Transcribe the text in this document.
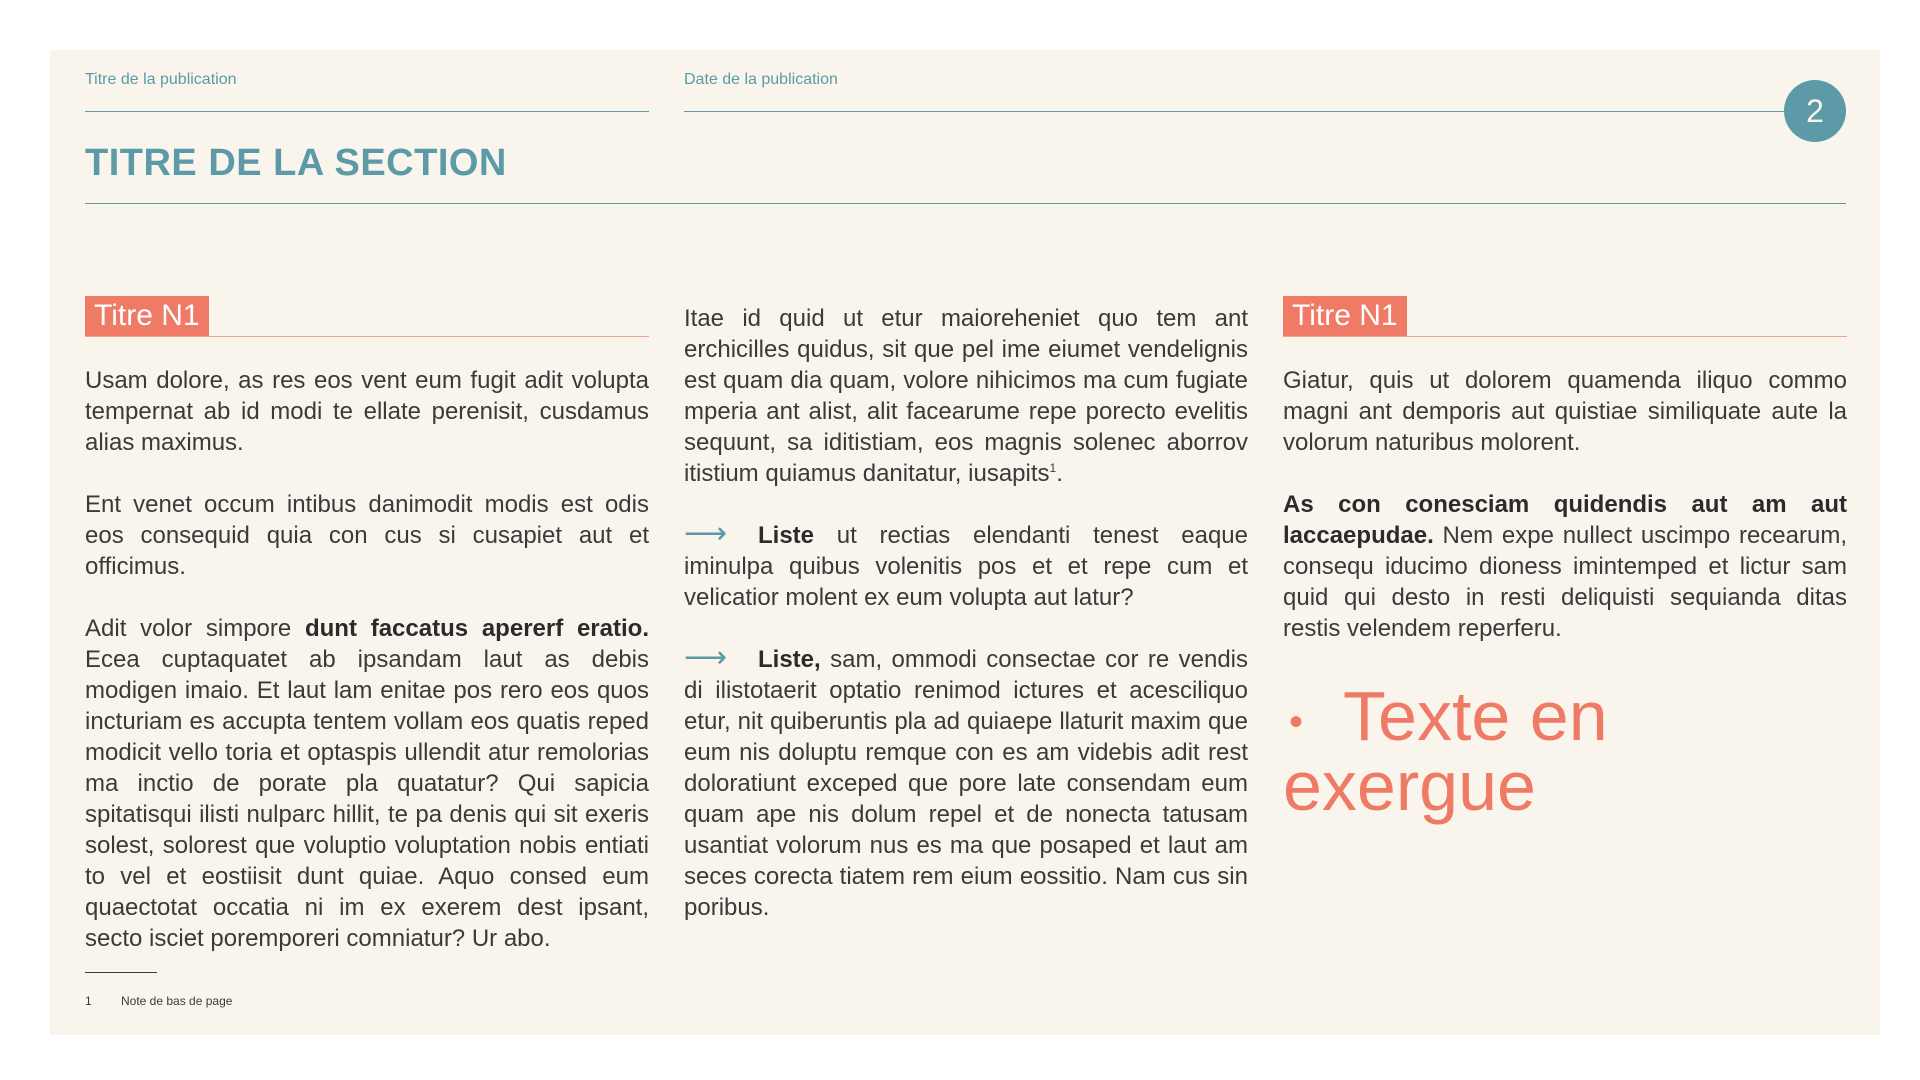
Titre de la publication	Date de la publication
2
TITRE DE LA SECTION
Titre N1

Usam dolore, as res eos vent eum fugit adit volupta tempernat ab id modi te ellate perenisit, cusdamus alias maximus.

Ent venet occum intibus danimodit modis est odis eos consequid quia con cus si cusapiet aut et officimus.

Adit volor simpore dunt faccatus apererf eratio. Ecea cuptaquatet ab ipsandam laut as debis modigen imaio. Et laut lam enitae pos rero eos quos incturiam es accupta tentem vollam eos quatis reped modicit vello toria et optaspis ullendit atur remolorias ma inctio de porate pla quatatur? Qui sapicia spitatisqui ilisti nulparc hillit, te pa denis qui sit exeris solest, solorest que voluptio voluptation nobis entiati to vel et eostiisit dunt quiae. Aquo consed eum quaectotat occatia ni im ex exerem dest ipsant, secto isciet poremporeri comniatur? Ur abo.

Itae id quid ut etur maioreheniet quo tem ant erchicilles quidus, sit que pel ime eiumet vendelignis est quam dia quam, volore nihicimos ma cum fugiate mperia ant alist, alit facearume repe porecto evelitis sequunt, sa iditistiam, eos magnis solenec aborrov itistium quiamus danitatur, iusapits$^1$.

⟶ Liste ut rectias elendanti tenest eaque iminulpa quibus volenitis pos et et repe cum et velicatior molent ex eum volupta aut latur?
⟶ Liste, sam, ommodi consectae cor re vendis di ilistotaerit optatio renimod ictures et acesciliquo etur, nit quiberuntis pla ad quiaepe llaturit maxim que eum nis doluptu remque con es am videbis adit rest doloratiunt exceped que pore late consendam eum quam ape nis dolum repel et de nonecta tatusam usantiat volorum nus es ma que posaped et laut am seces corecta tiatem rem eium eossitio. Nam cus sin poribus.
Titre N1

Giatur, quis ut dolorem quamenda iliquo commo magni ant demporis aut quistiae similiquate aute la volorum naturibus molorent.

As con conesciam quidendis aut am aut laccaepudae. Nem expe nullect uscimpo recearum, consequ iducimo dioness imintemped et lictur sam quid qui desto in resti deliquisti sequianda ditas restis velendem reperferu.

• Texte en exergue
1 Note de bas de page
